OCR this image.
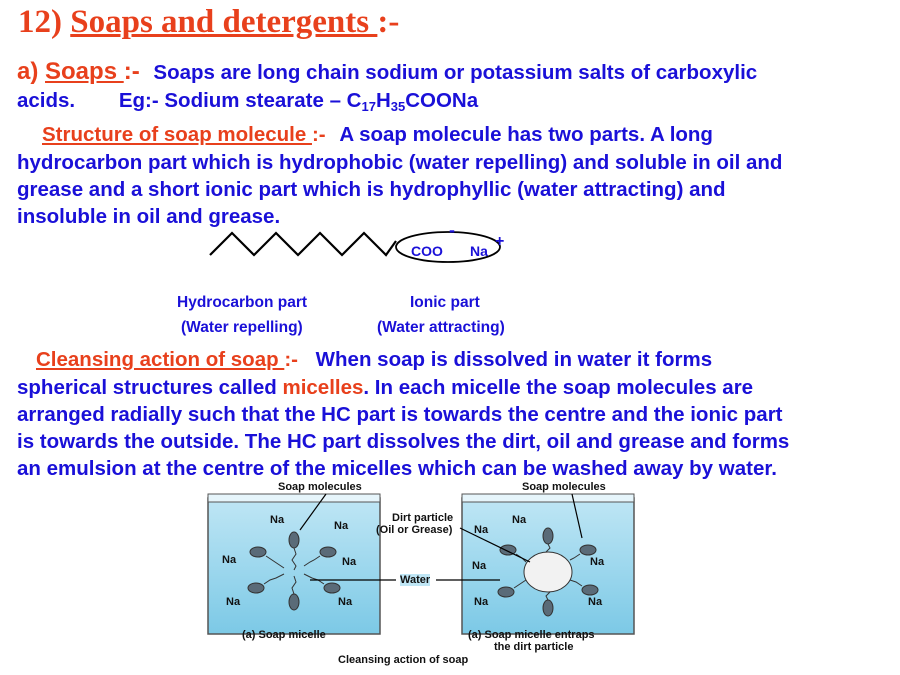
12) Soaps and detergents :-
a) Soaps :- Soaps are long chain sodium or potassium salts of carboxylic
acids. Eg:- Sodium stearate – $C_{17}H_{35}COONa$
Structure of soap molecule :- A soap molecule has two parts. A long
hydrocarbon part which is hydrophobic (water repelling) and soluble in oil and
grease and a short ionic part which is hydrophyllic (water attracting) and
insoluble in oil and grease.
COO
-
Na
+
Hydrocarbon part
(Water repelling)
Ionic part
(Water attracting)
Cleansing action of soap :- When soap is dissolved in water it forms
spherical structures called micelles. In each micelle the soap molecules are
arranged radially such that the HC part is towards the centre and the ionic part
is towards the outside. The HC part dissolves the dirt, oil and grease and forms
an emulsion at the centre of the micelles which can be washed away by water.
Soap molecules	Soap molecules
Dirt particle
(Oil or Grease)
Water
Na	Na
Na	Na
Na	Na
Na
Na
Na	Na
Na	Na
(a) Soap micelle	(a) Soap micelle entraps
the dirt particle
Cleansing action of soap
